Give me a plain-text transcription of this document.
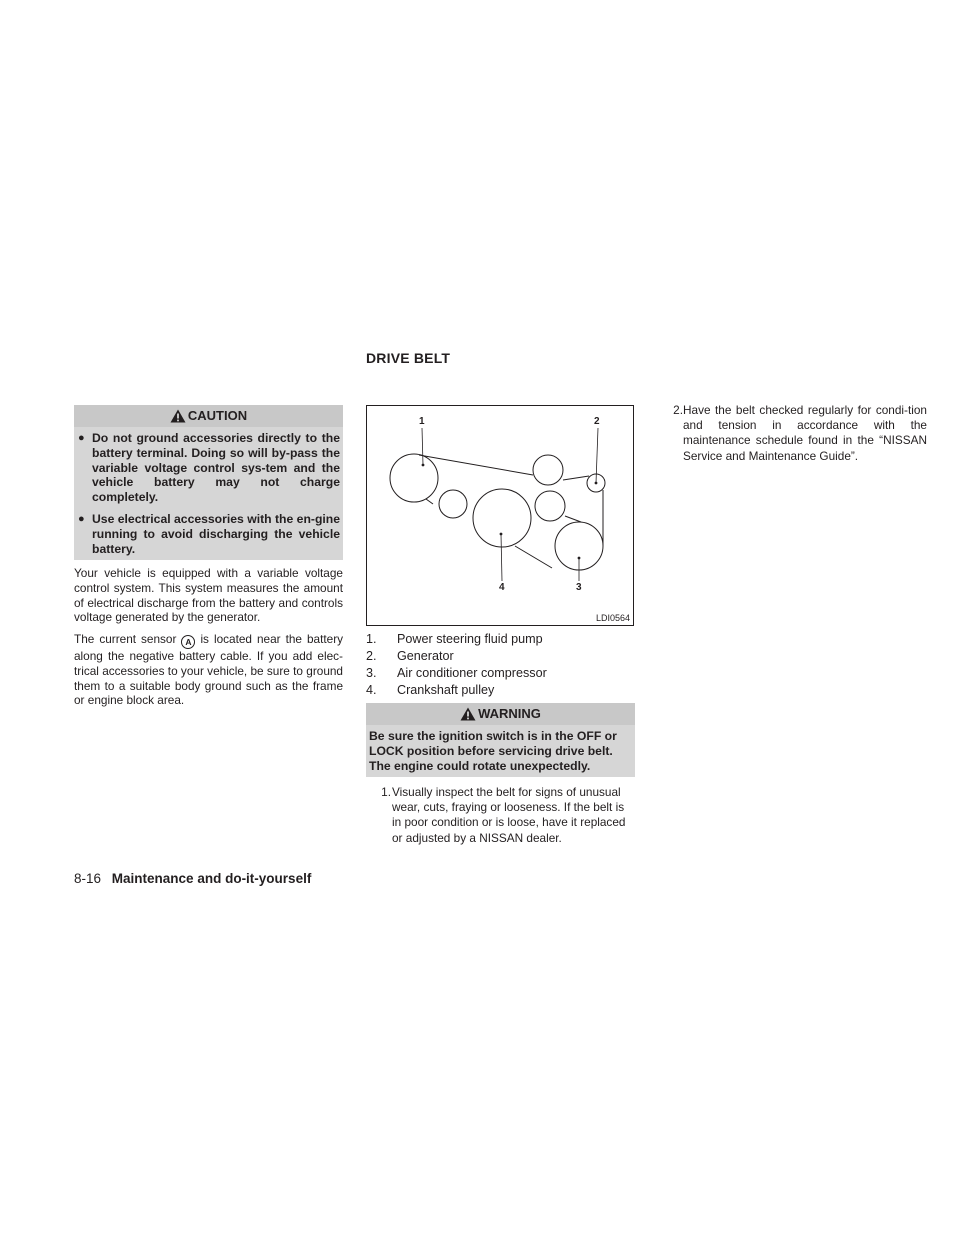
DRIVE BELT
CAUTION
● Do not ground accessories directly to the battery terminal. Doing so will by-pass the variable voltage control sys-tem and the vehicle battery may not charge completely.
● Use electrical accessories with the en-gine running to avoid discharging the vehicle battery.
Your vehicle is equipped with a variable voltage control system. This system measures the amount of electrical discharge from the battery and controls voltage generated by the generator.
The current sensor A is located near the battery along the negative battery cable. If you add elec-trical accessories to your vehicle, be sure to ground them to a suitable body ground such as the frame or engine block area.
1	2
3
4
LDI0564
1.	Power steering fluid pump
2.	Generator
3.	Air conditioner compressor
4.	Crankshaft pulley
WARNING
Be sure the ignition switch is in the OFF or LOCK position before servicing drive belt. The engine could rotate unexpectedly.
1. Visually inspect the belt for signs of unusual wear, cuts, fraying or looseness. If the belt is in poor condition or is loose, have it replaced or adjusted by a NISSAN dealer.
2. Have the belt checked regularly for condi-tion and tension in accordance with the maintenance schedule found in the “NISSAN Service and Maintenance Guide”.
8-16 Maintenance and do-it-yourself
